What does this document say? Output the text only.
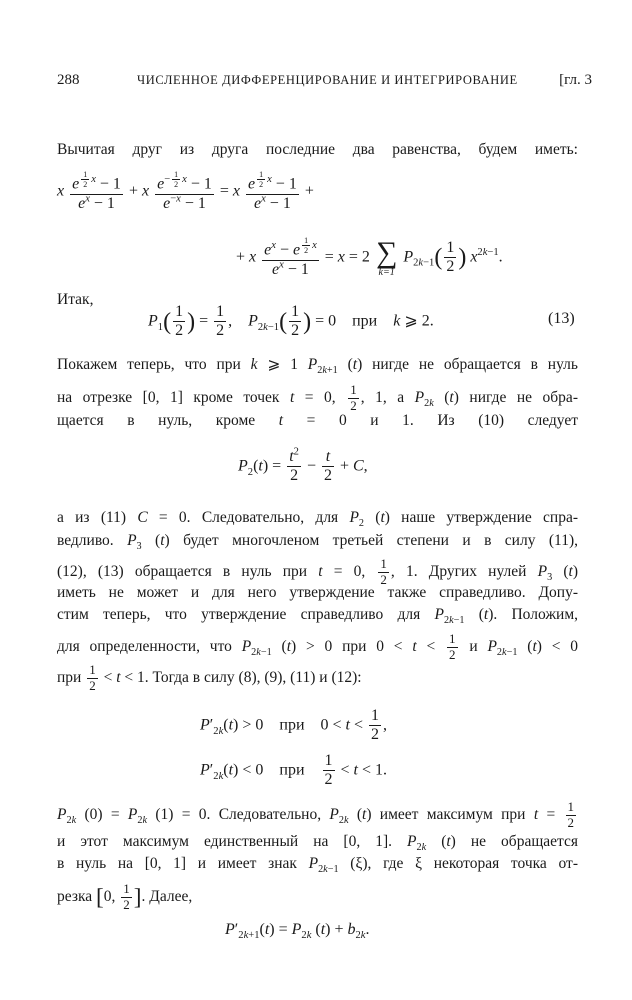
288	ЧИСЛЕННОЕ ДИФФЕРЕНЦИРОВАНИЕ И ИНТЕГРИРОВАНИЕ	[гл. 3
Вычитая друг из друга последние два равенства, будем иметь:
x e $^{\frac{1}{2} x}$ − 1
$e^x - 1 + x$ $e^{- \frac{1}{2} x} - 1$
$e^{-x} - 1 = x$ e $^{\frac{1}{2} x}$ − 1
$e^x - 1$ +
+ x $e^x - e$ $^{\frac{1}{2} x}$
$e^x - 1 = x = 2$ ∑
k=1
$P_{2k-1}( \frac{1}{2}$ ) $x^{2k-1}$.
Итак,
$P_1( \frac{1}{2}$ ) = $\frac{1}{2}$ ,    $P_{2k-1}( \frac{1}{2}$ ) = 0    при    k ⩾ 2.	(13)
Покажем теперь, что при k ⩾ 1 $P_{2k+1}$ (t) нигде не обращается в нуль
на отрезке [0, 1] кроме точек t = 0, $\frac{1}{2}$ , 1, а $P_{2k}$ (t) нигде не обра-
щается в нуль, кроме t = 0 и 1. Из (10) следует
$P_2(t) = \frac{t^2}{2} - \frac{t}{2} + C$,
а из (11) C = 0. Следовательно, для $P_2$ (t) наше утверждение спра-
ведливо. $P_3$ (t) будет многочленом третьей степени и в силу (11),
(12), (13) обращается в нуль при t = 0, $\frac{1}{2}$ , 1. Других нулей $P_3$ (t)
иметь не может и для него утверждение также справедливо. Допу-
стим теперь, что утверждение справедливо для $P_{2k-1}$ (t). Положим,
для определенности, что $P_{2k-1}$ (t) > 0 при $0 < t < \frac{1}{2}$ и $P_{2k-1}$ (t) < 0
при $\frac{1}{2} < t < 1$. Тогда в силу (8), (9), (11) и (12):
$P'_{2k}(t) > 0$    при    $0 < t < \frac{1}{2}$ ,
$P'_{2k}(t) < 0$    при $\frac{1}{2} < t < 1$.
$P_{2k}$ $(0) = P_{2k}$ (1) = 0. Следовательно, $P_{2k}$ (t) имеет максимум при $t = \frac{1}{2}$
и этот максимум единственный на [0, 1]. $P_{2k}$ (t) не обращается
в нуль на [0, 1] и имеет знак $P_{2k-1}$ (ξ), где ξ некоторая точка от-
резка [0, $\frac{1}{2}$ ]. Далее,
$P'_{2k+1}(t) = P_{2k}$ $(t) + b_{2k}$.
